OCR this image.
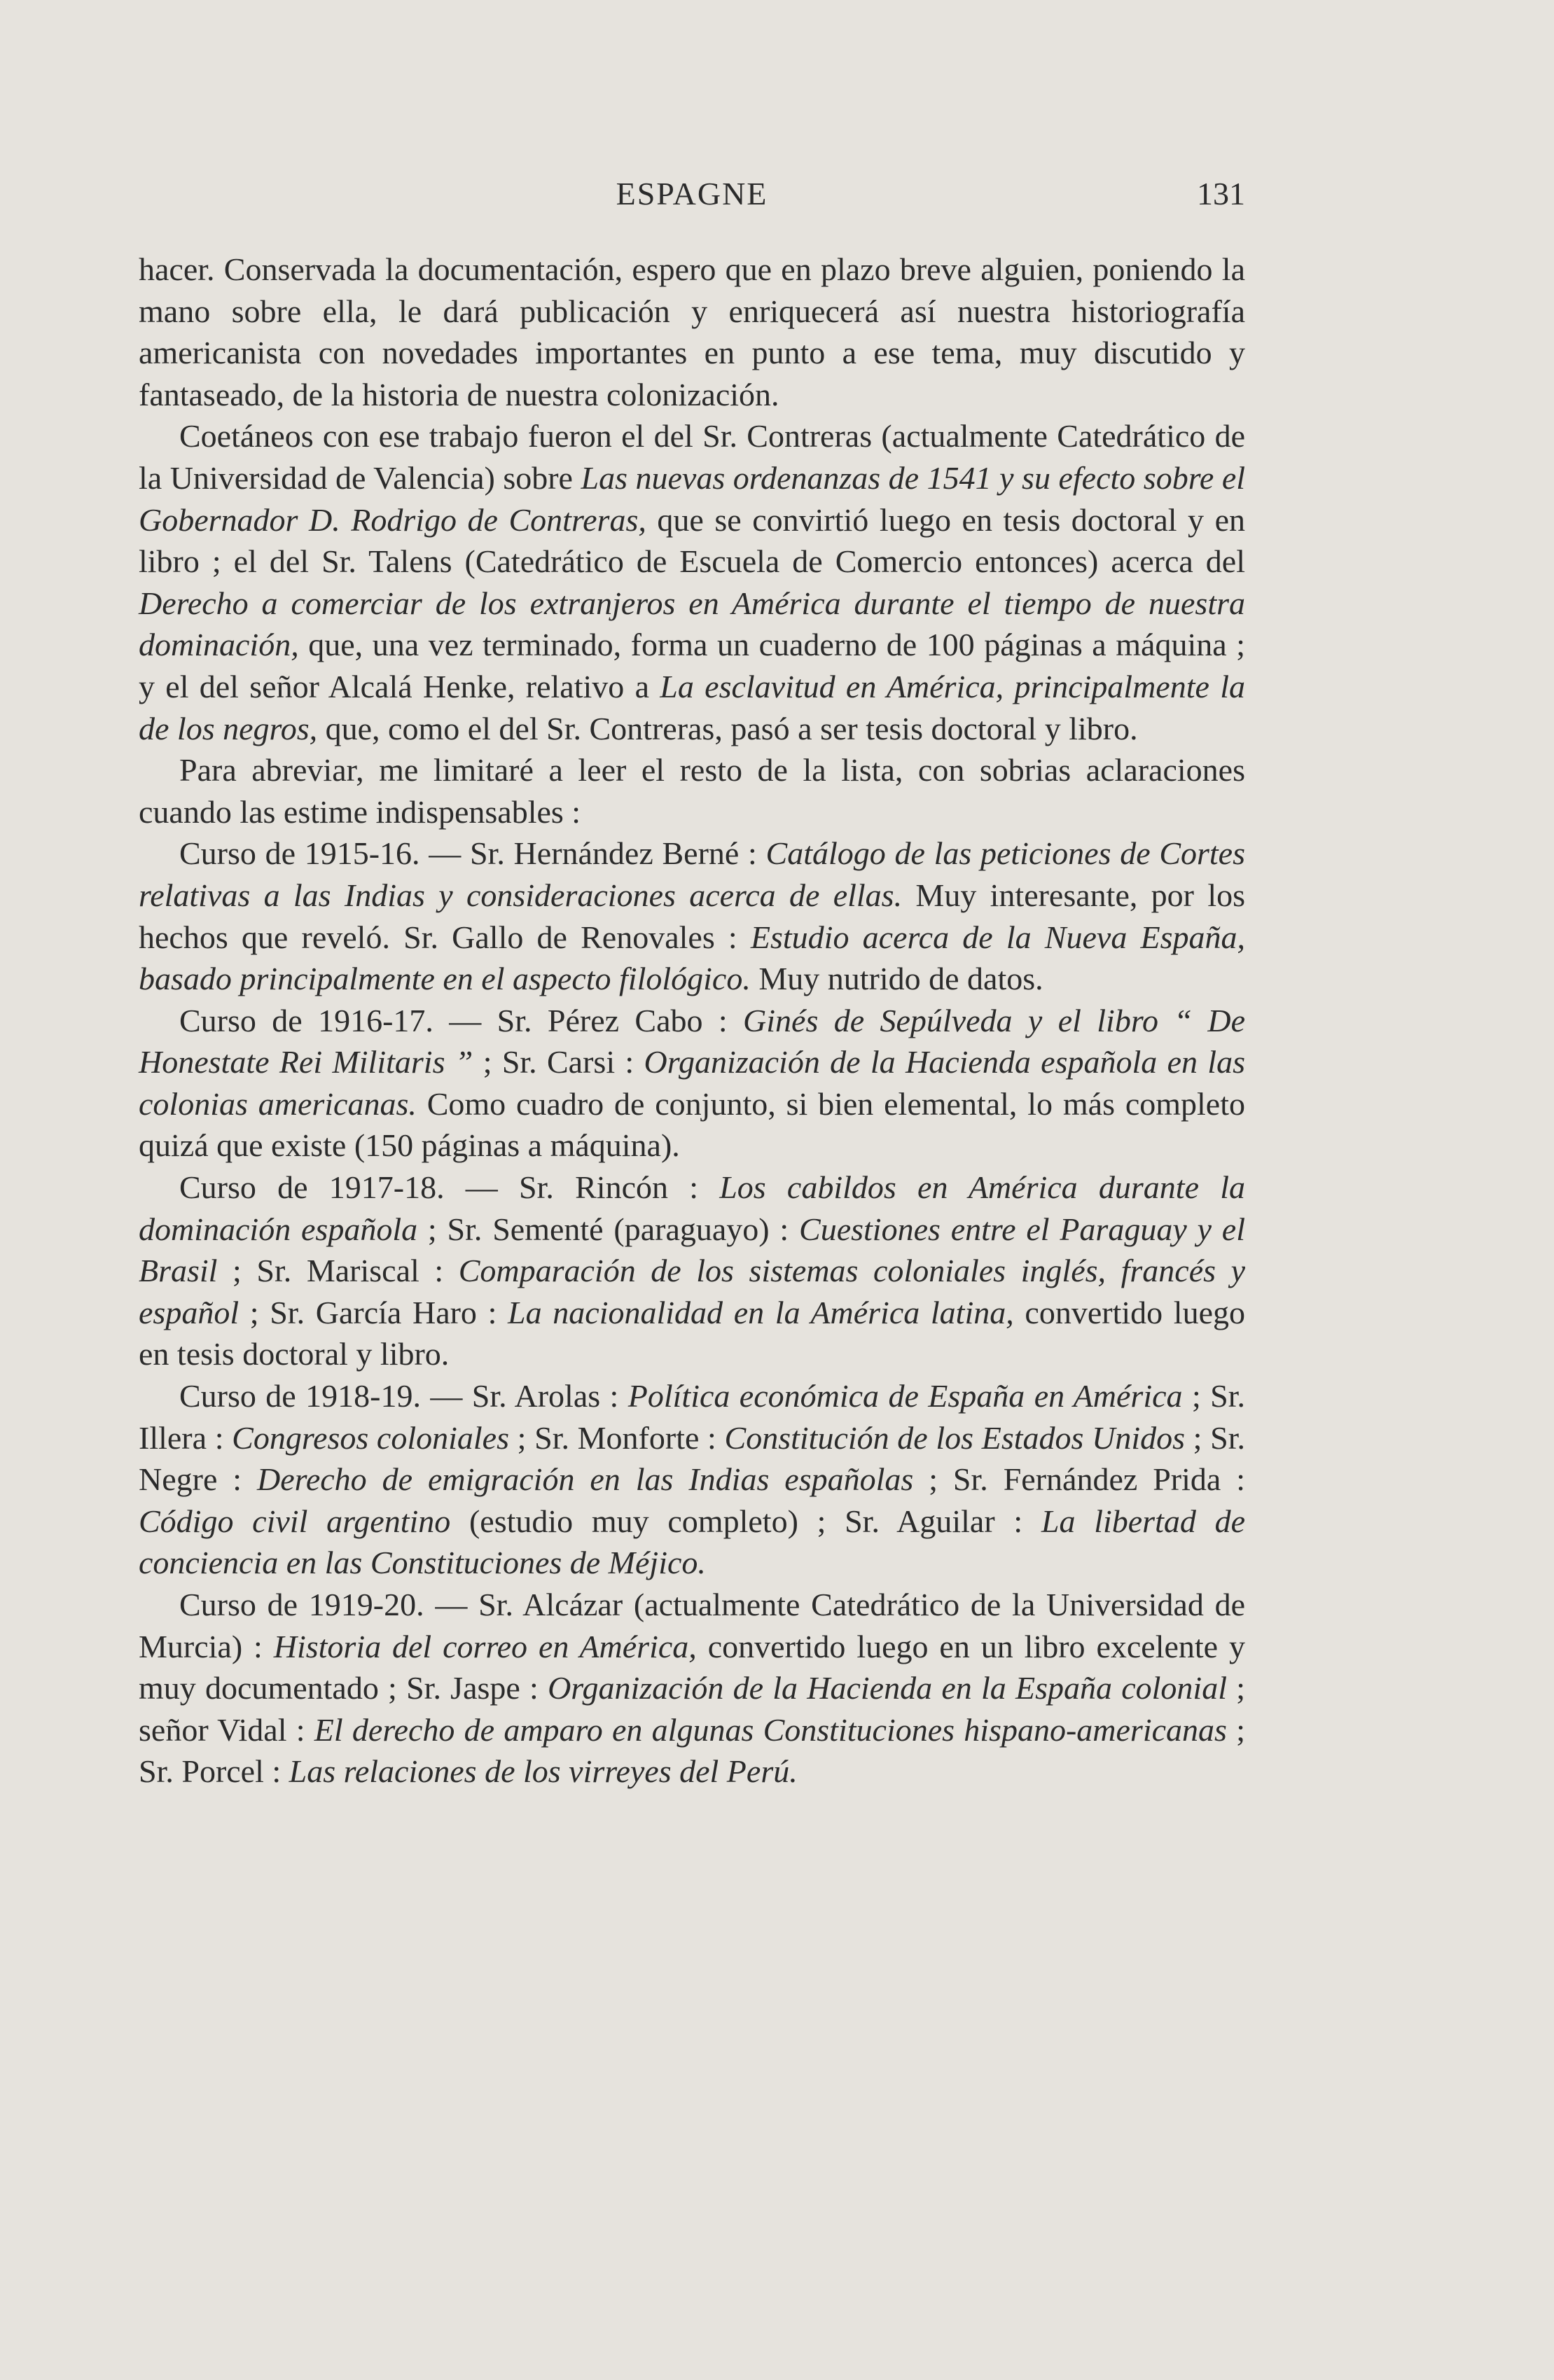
ESPAGNE	131

hacer. Conservada la documentación, espero que en plazo breve alguien, poniendo la mano sobre ella, le dará publicación y enriquecerá así nuestra historiografía americanista con novedades importantes en punto a ese tema, muy discutido y fantaseado, de la historia de nuestra colonización.

Coetáneos con ese trabajo fueron el del Sr. Contreras (actualmente Catedrático de la Universidad de Valencia) sobre Las nuevas ordenanzas de 1541 y su efecto sobre el Gobernador D. Rodrigo de Contreras, que se convirtió luego en tesis doctoral y en libro ; el del Sr. Talens (Catedrático de Escuela de Comercio entonces) acerca del Derecho a comerciar de los extranjeros en América durante el tiempo de nuestra dominación, que, una vez terminado, forma un cuaderno de 100 páginas a máquina ; y el del señor Alcalá Henke, relativo a La esclavitud en América, principalmente la de los negros, que, como el del Sr. Contreras, pasó a ser tesis doctoral y libro.

Para abreviar, me limitaré a leer el resto de la lista, con sobrias aclaraciones cuando las estime indispensables :

Curso de 1915-16. — Sr. Hernández Berné : Catálogo de las peticiones de Cortes relativas a las Indias y consideraciones acerca de ellas. Muy interesante, por los hechos que reveló. Sr. Gallo de Renovales : Estudio acerca de la Nueva España, basado principalmente en el aspecto filológico. Muy nutrido de datos.

Curso de 1916-17. — Sr. Pérez Cabo : Ginés de Sepúlveda y el libro “ De Honestate Rei Militaris ” ; Sr. Carsi : Organización de la Hacienda española en las colonias americanas. Como cuadro de conjunto, si bien elemental, lo más completo quizá que existe (150 páginas a máquina).

Curso de 1917-18. — Sr. Rincón : Los cabildos en América durante la dominación española ; Sr. Sementé (paraguayo) : Cuestiones entre el Paraguay y el Brasil ; Sr. Mariscal : Comparación de los sistemas coloniales inglés, francés y español ; Sr. García Haro : La nacionalidad en la América latina, convertido luego en tesis doctoral y libro.

Curso de 1918-19. — Sr. Arolas : Política económica de España en América ; Sr. Illera : Congresos coloniales ; Sr. Monforte : Constitución de los Estados Unidos ; Sr. Negre : Derecho de emigración en las Indias españolas ; Sr. Fernández Prida : Código civil argentino (estudio muy completo) ; Sr. Aguilar : La libertad de conciencia en las Constituciones de Méjico.

Curso de 1919-20. — Sr. Alcázar (actualmente Catedrático de la Universidad de Murcia) : Historia del correo en América, convertido luego en un libro excelente y muy documentado ; Sr. Jaspe : Organización de la Hacienda en la España colonial ; señor Vidal : El derecho de amparo en algunas Constituciones hispano-americanas ; Sr. Porcel : Las relaciones de los virreyes del Perú.
